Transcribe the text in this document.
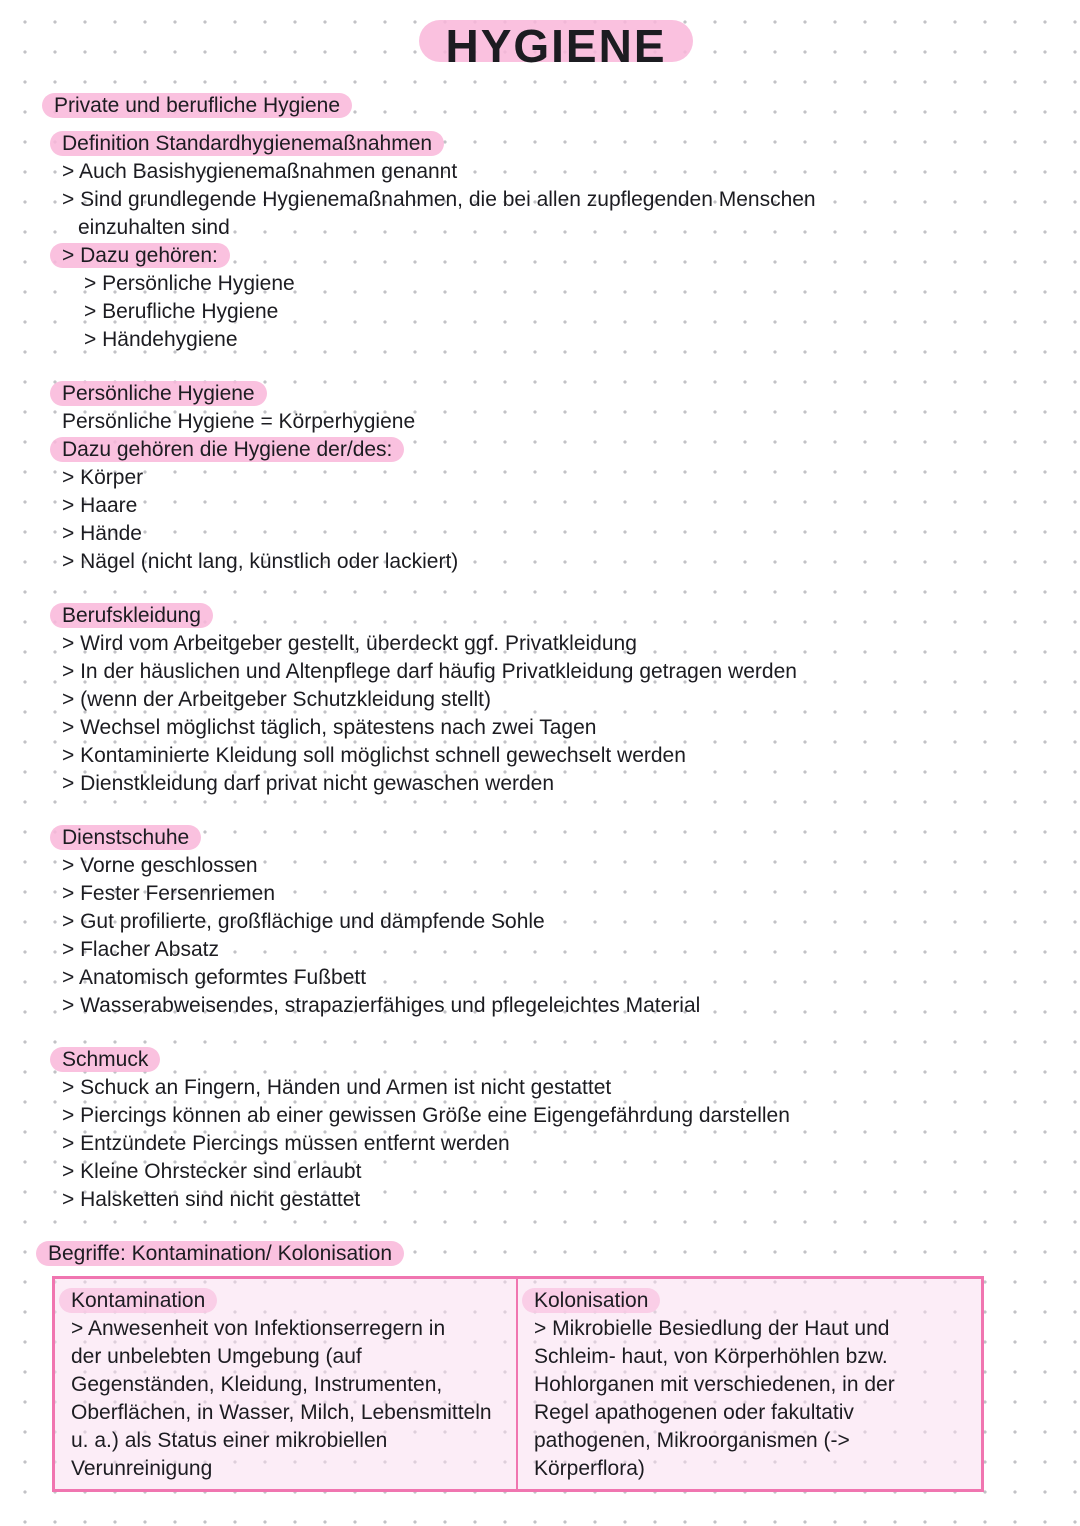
HYGIENE
Private und berufliche Hygiene
Definition Standardhygienemaßnahmen
> Auch Basishygienemaßnahmen genannt
> Sind grundlegende Hygienemaßnahmen, die bei allen zupflegenden Menschen
einzuhalten sind
> Dazu gehören:
> Persönliche Hygiene
> Berufliche Hygiene
> Händehygiene
Persönliche Hygiene
Persönliche Hygiene = Körperhygiene
Dazu gehören die Hygiene der/des:
> Körper
> Haare
> Hände
> Nägel (nicht lang, künstlich oder lackiert)
Berufskleidung
> Wird vom Arbeitgeber gestellt, überdeckt ggf. Privatkleidung
> In der häuslichen und Altenpflege darf häufig Privatkleidung getragen werden
> (wenn der Arbeitgeber Schutzkleidung stellt)
> Wechsel möglichst täglich, spätestens nach zwei Tagen
> Kontaminierte Kleidung soll möglichst schnell gewechselt werden
> Dienstkleidung darf privat nicht gewaschen werden
Dienstschuhe
> Vorne geschlossen
> Fester Fersenriemen
> Gut profilierte, großflächige und dämpfende Sohle
> Flacher Absatz
> Anatomisch geformtes Fußbett
> Wasserabweisendes, strapazierfähiges und pflegeleichtes Material
Schmuck
> Schuck an Fingern, Händen und Armen ist nicht gestattet
> Piercings können ab einer gewissen Größe eine Eigengefährdung darstellen
> Entzündete Piercings müssen entfernt werden
> Kleine Ohrstecker sind erlaubt
> Halsketten sind nicht gestattet
Begriffe: Kontamination/ Kolonisation
Kontamination
> Anwesenheit von Infektionserregern in
der unbelebten Umgebung (auf
Gegenständen, Kleidung, Instrumenten,
Oberflächen, in Wasser, Milch, Lebensmitteln
u. a.) als Status einer mikrobiellen
Verunreinigung
Kolonisation
> Mikrobielle Besiedlung der Haut und
Schleim- haut, von Körperhöhlen bzw.
Hohlorganen mit verschiedenen, in der
Regel apathogenen oder fakultativ
pathogenen, Mikroorganismen (->
Körperflora)
